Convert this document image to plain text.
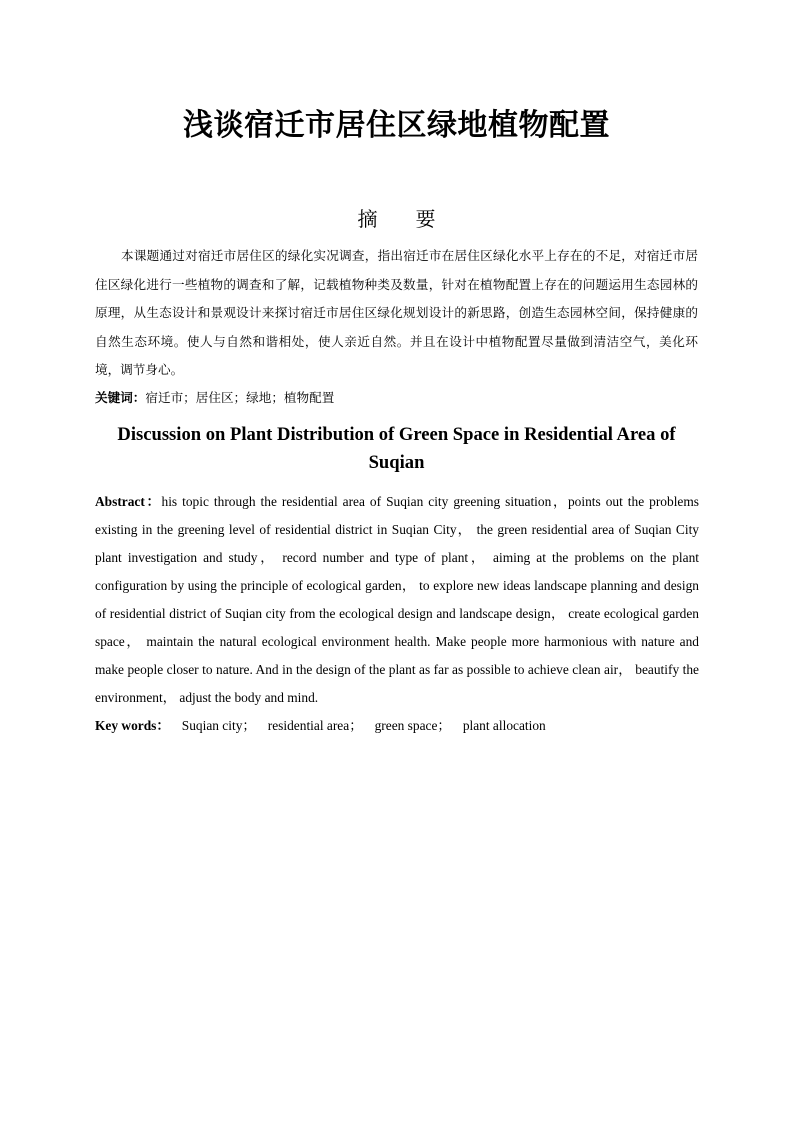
浅谈宿迁市居住区绿地植物配置
摘 要

本课题通过对宿迁市居住区的绿化实况调查，指出宿迁市在居住区绿化水平上存在的不足，对宿迁市居住区绿化进行一些植物的调查和了解，记载植物种类及数量，针对在植物配置上存在的问题运用生态园林的原理，从生态设计和景观设计来探讨宿迁市居住区绿化规划设计的新思路，创造生态园林空间，保持健康的自然生态环境。使人与自然和谐相处，使人亲近自然。并且在设计中植物配置尽量做到清洁空气，美化环境，调节身心。

关键词：宿迁市；居住区；绿地；植物配置

Discussion on Plant Distribution of Green Space in Residential Area of Suqian

Abstract：his topic through the residential area of Suqian city greening situation，points out the problems existing in the greening level of residential district in Suqian City， the green residential area of Suqian City plant investigation and study， record number and type of plant， aiming at the problems on the plant configuration by using the principle of ecological garden， to explore new ideas landscape planning and design of residential district of Suqian city from the ecological design and landscape design， create ecological garden space， maintain the natural ecological environment health. Make people more harmonious with nature and make people closer to nature. And in the design of the plant as far as possible to achieve clean air， beautify the environment， adjust the body and mind.

Key words： Suqian city； residential area； green space； plant allocation
